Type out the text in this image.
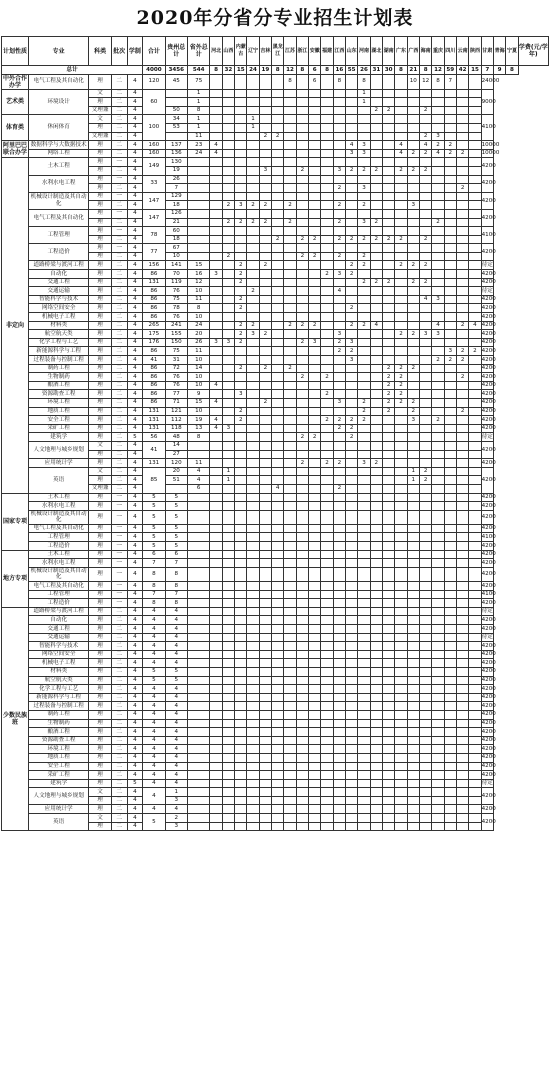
2020年分省分专业招生计划表
计划性质	专业	科类	批次	学制	合计	贵州总计	省外总计	河北	山西	内蒙古	辽宁	吉林	黑龙江	江苏	浙江	安徽	福建	江西	山东	河南	湖北	湖南	广东	广西	海南	重庆	四川	云南	陕西	甘肃	青海	宁夏	学费(元/学年)
总计					4000	3456	544	8	32	15	24	19	8	12	8	6	8	16	55	26	31	30	8	21	8	12	59	42	15	7	9	8	
中外合作办学	电气工程及其自动化	理	二	4	120	45	75							8		6		8		8				10	12	8	7			24000			
艺术类	环境设计	文	二	4	60		1													1										9000			
		理	二	4			1													1													
		文理兼	二	4		50	8														2	2			2								
体育类	休闲体育	文	二	4	100	34	1				1																			4100			
		理	二	4		53	1				1																						
		文理兼	二	4			11					2	2												2	3							
阿里巴巴联合办学	数据科学与大数据技术	理	二	4	160	137	23	4											4	3			4		4	2	2			10000			
	网络工程	理	二	4	160	136	24	4											3	3			4	2	2	4	2	2		10000			
非定向	土木工程	理	一	4	149	130																								4200			
		理	二	4		19						3			2			3	2	2	2		2	2	2								
	水利水电工程	理	一	4	33	26																								4200			
		理	二	4		7												2		3								2					
	机械设计制造及其自动化	理	一	4	147	129																								4200			
		理	二	4		18			2	3	2	2		2				2		2				3									
	电气工程及其自动化	理	一	4	147	126																								4200			
		理	二	4		21			2	2	2	2		2				2		3	2					2							
	工程管理	理	一	4	78	60																								4100			
		理	二	4		18							2		2	2		2	2	2	2	2	2		2								
	工程造价	理	一	4	77	67																								4200			
		理	二	4		10			2						2	2		2		2													
	道路桥梁与渡河工程	理	二	4	156	141	15			2		2							2	2			2	2	2					待定			
	自动化	理	二	4	86	70	16	3		2							2	3	2											4200			
	交通工程	理	二	4	131	119	12			2										2	2	2		2	2					4200			
	交通运输	理	二	4	86	76	10				2							4												待定			
	智能科学与技术	理	二	4	86	75	11			2															4	3				4200			
	网络空间安全	理	二	4	86	78	8			2									2											4200			
	机械电子工程	理	二	4	86	76	10																							4200			
	材料类	理	二	4	265	241	24			2	2			2	2	2			2	2	4					4		2	4	4200			
	航空航天类	理	二	4	175	155	20			2	3	2						3					2	2	3	3				4200			
	化学工程与工艺	理	二	4	176	150	26	3	3	2					2	3		2	3											4200			
	新能源科学与工程	理	二	4	86	75	11											2	2								3	2	2	4200			
	过程装备与控制工程	理	二	4	41	31	10												3							2	2	2		4200			
	制药工程	理	二	4	86	72	14			2		2		2								2	2	2						4200			
	生物制药	理	二	4	86	76	10								2		2					2	2					2		4200			
	酿酒工程	理	二	4	86	76	10	4														2	2							4200			
	资源勘查工程	理	二	4	86	77	9			3							2					2	2							4200			
	环境工程	理	二	4	86	71	15	4				2						3		2		2	2	2						4200			
	地质工程	理	二	4	131	121	10			2										2		2		2				2		4200			
	安全工程	理	二	4	131	112	19	4		2							2	2	2	2				3		2				4200			
	采矿工程	理	二	4	131	118	13	4	3									2	2											4200			
	建筑学	理	二	5	56	48	8								2	2			2											待定			
	人文地理与城乡规划	文	二	4	41	14																								4200			
		理	二	4		27																											
	应用统计学	理	二	4	131	120	11								2		2	2		3	2									4200			
	英语	文	二	4	85	20	4		1															1	2					4200			
		理	二	4		51	4		1															1	2								
		文理兼	二	4			6						4					2															
国家专项	土木工程	理	一	4	5	5																								4200			
	水利水电工程	理	一	4	5	5																								4200			
	机械设计制造及其自动化	理	一	4	5	5																								4200			
	电气工程及其自动化	理	一	4	5	5																								4200			
	工程管理	理	一	4	5	5																								4100			
	工程造价	理	一	4	5	5																								4200			
地方专项	土木工程	理	一	4	6	6																								4200			
	水利水电工程	理	一	4	7	7																								4200			
	机械设计制造及其自动化	理	一	4	8	8																								4200			
	电气工程及其自动化	理	一	4	8	8																								4200			
	工程管理	理	一	4	7	7																								4100			
	工程造价	理	一	4	8	8																								4200			
少数民族班	道路桥梁与渡河工程	理	二	4	4	4																								待定			
	自动化	理	二	4	4	4																								4200			
	交通工程	理	二	4	4	4																								4200			
	交通运输	理	二	4	4	4																								待定			
	智能科学与技术	理	二	4	4	4																								4200			
	网络空间安全	理	二	4	4	4																								4200			
	机械电子工程	理	二	4	4	4																								4200			
	材料类	理	二	4	5	5																								4200			
	航空航天类	理	二	4	5	5																								4200			
	化学工程与工艺	理	二	4	4	4																								4200			
	新能源科学与工程	理	二	4	4	4																								4200			
	过程装备与控制工程	理	二	4	4	4																								4200			
	制药工程	理	二	4	4	4																								4200			
	生物制药	理	二	4	4	4																								4200			
	酿酒工程	理	二	4	4	4																								4200			
	资源勘查工程	理	二	4	4	4																								4200			
	环境工程	理	二	4	4	4																								4200			
	地质工程	理	二	4	4	4																								4200			
	安全工程	理	二	4	4	4																								4200			
	采矿工程	理	二	4	4	4																								4200			
	建筑学	理	二	5	4	4																								待定			
	人文地理与城乡规划	文	二	4	4	1																								4200			
		理	二	4		3																											
	应用统计学	理	二	4	4	4																								4200			
	英语	文	二	4	5	2																								4200			
		理	二	4		3																											
